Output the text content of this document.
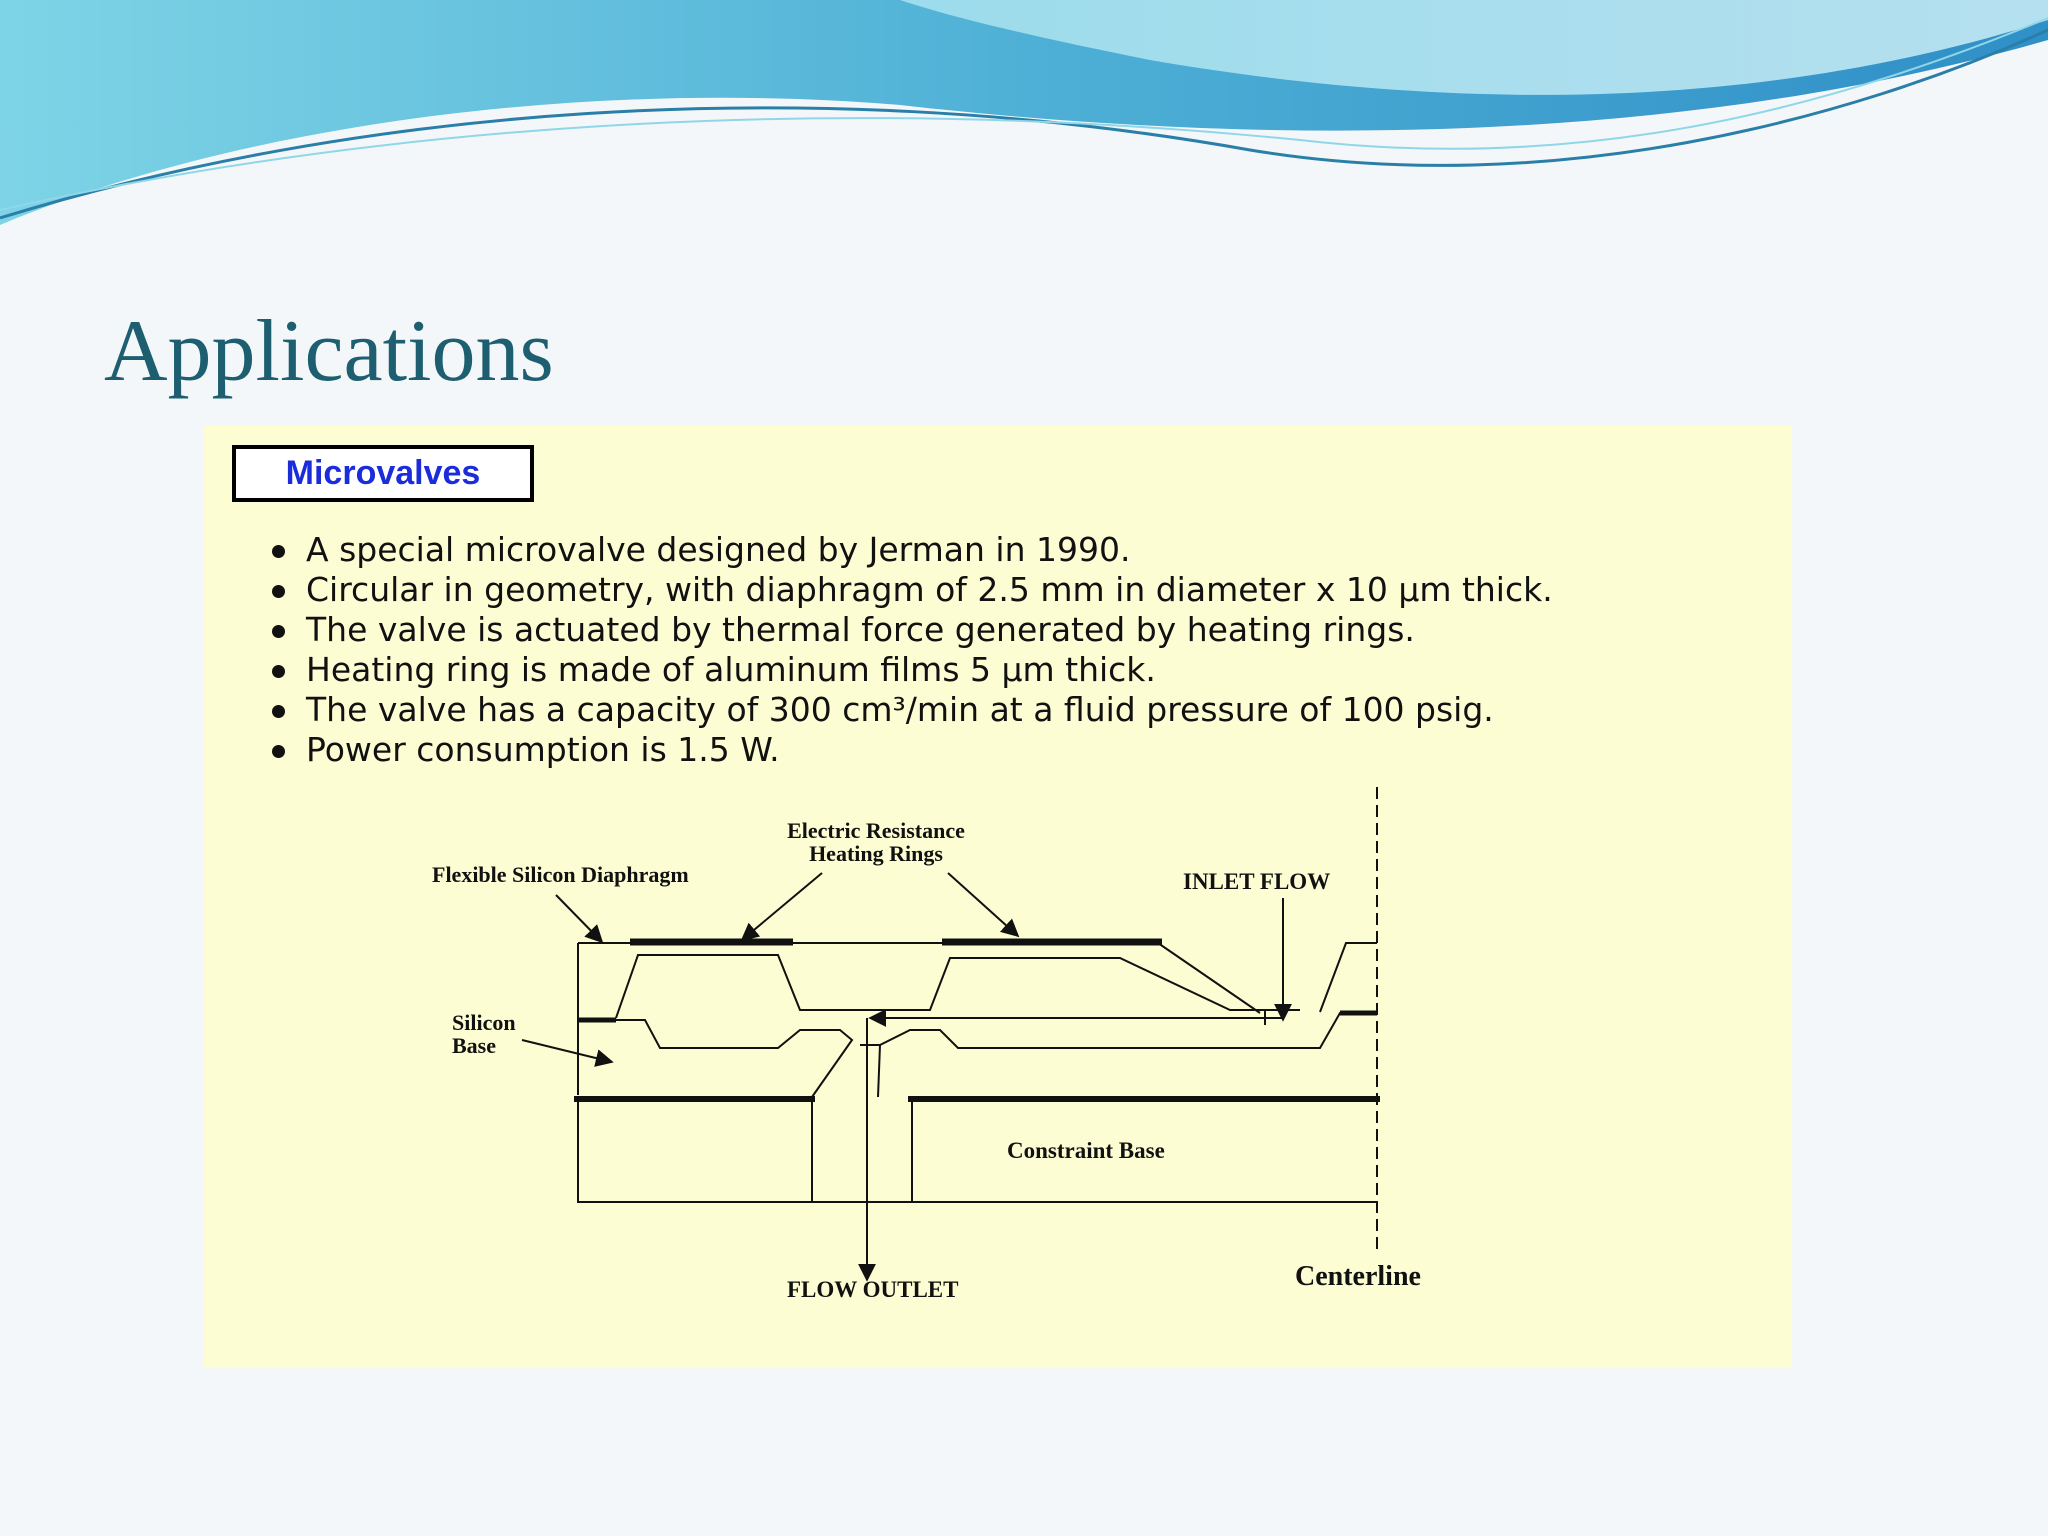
Applications
Microvalves
A special microvalve designed by Jerman in 1990.
Circular in geometry, with diaphragm of 2.5 mm in diameter x 10 μm thick.
The valve is actuated by thermal force generated by heating rings.
Heating ring is made of aluminum films 5 μm thick.
The valve has a capacity of 300 cm³/min at a fluid pressure of 100 psig.
Power consumption is 1.5 W.
Electric Resistance
Heating Rings
Flexible Silicon Diaphragm	INLET FLOW
Silicon
Base
Constraint Base
FLOW OUTLET	Centerline
